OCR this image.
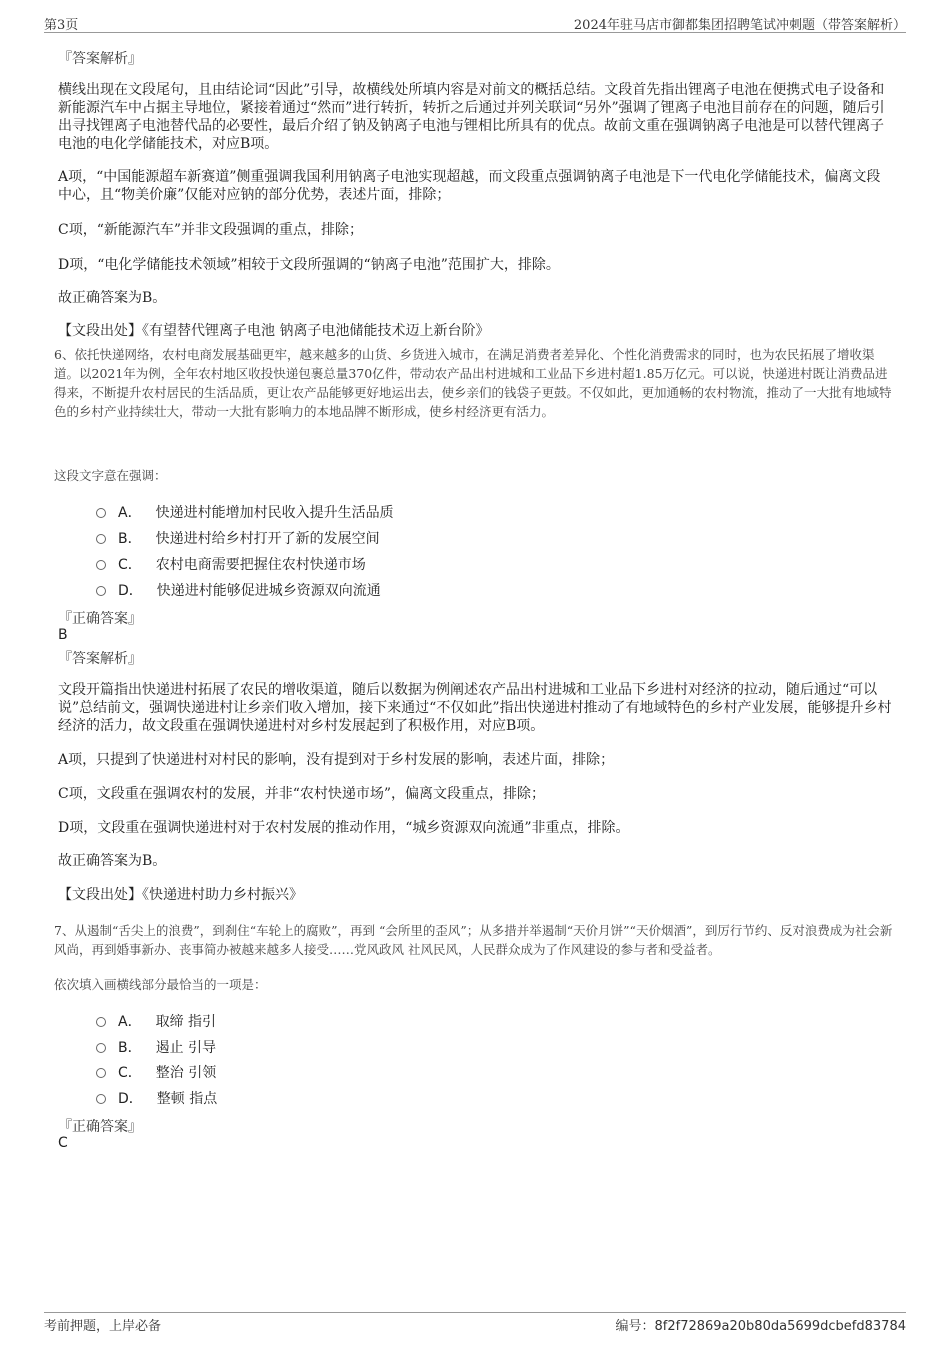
第3页	2024年驻马店市御都集团招聘笔试冲刺题（带答案解析）
『答案解析』
横线出现在文段尾句，且由结论词“因此”引导，故横线处所填内容是对前文的概括总结。文段首先指出锂离子电池在便携式电子设备和新能源汽车中占据主导地位，紧接着通过“然而”进行转折，转折之后通过并列关联词“另外”强调了锂离子电池目前存在的问题，随后引出寻找锂离子电池替代品的必要性，最后介绍了钠及钠离子电池与锂相比所具有的优点。故前文重在强调钠离子电池是可以替代锂离子电池的电化学储能技术，对应B项。
A项，“中国能源超车新赛道”侧重强调我国利用钠离子电池实现超越，而文段重点强调钠离子电池是下一代电化学储能技术，偏离文段中心，且“物美价廉”仅能对应钠的部分优势，表述片面，排除；
C项，“新能源汽车”并非文段强调的重点，排除；
D项，“电化学储能技术领域”相较于文段所强调的“钠离子电池”范围扩大，排除。
故正确答案为B。
【文段出处】《有望替代锂离子电池 钠离子电池储能技术迈上新台阶》
6、依托快递网络，农村电商发展基础更牢，越来越多的山货、乡货进入城市，在满足消费者差异化、个性化消费需求的同时，也为农民拓展了增收渠道。以2021年为例，全年农村地区收投快递包裹总量370亿件，带动农产品出村进城和工业品下乡进村超1.85万亿元。可以说，快递进村既让消费品进得来，不断提升农村居民的生活品质，更让农产品能够更好地运出去，使乡亲们的钱袋子更鼓。不仅如此，更加通畅的农村物流，推动了一大批有地域特色的乡村产业持续壮大，带动一大批有影响力的本地品牌不断形成，使乡村经济更有活力。
这段文字意在强调：
A． 快递进村能增加村民收入提升生活品质
B． 快递进村给乡村打开了新的发展空间
C． 农村电商需要把握住农村快递市场
D． 快递进村能够促进城乡资源双向流通
『正确答案』
B
『答案解析』
文段开篇指出快递进村拓展了农民的增收渠道，随后以数据为例阐述农产品出村进城和工业品下乡进村对经济的拉动，随后通过“可以说”总结前文，强调快递进村让乡亲们收入增加，接下来通过“不仅如此”指出快递进村推动了有地域特色的乡村产业发展，能够提升乡村经济的活力，故文段重在强调快递进村对乡村发展起到了积极作用，对应B项。
A项，只提到了快递进村对村民的影响，没有提到对于乡村发展的影响，表述片面，排除；
C项，文段重在强调农村的发展，并非“农村快递市场”，偏离文段重点，排除；
D项，文段重在强调快递进村对于农村发展的推动作用，“城乡资源双向流通”非重点，排除。
故正确答案为B。
【文段出处】《快递进村助力乡村振兴》
7、从遏制“舌尖上的浪费”，到刹住“车轮上的腐败”，再到 “会所里的歪风”；从多措并举遏制“天价月饼”“天价烟酒”，到厉行节约、反对浪费成为社会新风尚，再到婚事新办、丧事简办被越来越多人接受……党风政风 社风民风，人民群众成为了作风建设的参与者和受益者。
依次填入画横线部分最恰当的一项是：
A． 取缔 指引
B． 遏止 引导
C． 整治 引领
D． 整顿 指点
『正确答案』
C
考前押题，上岸必备	编号：8f2f72869a20b80da5699dcbefd83784
